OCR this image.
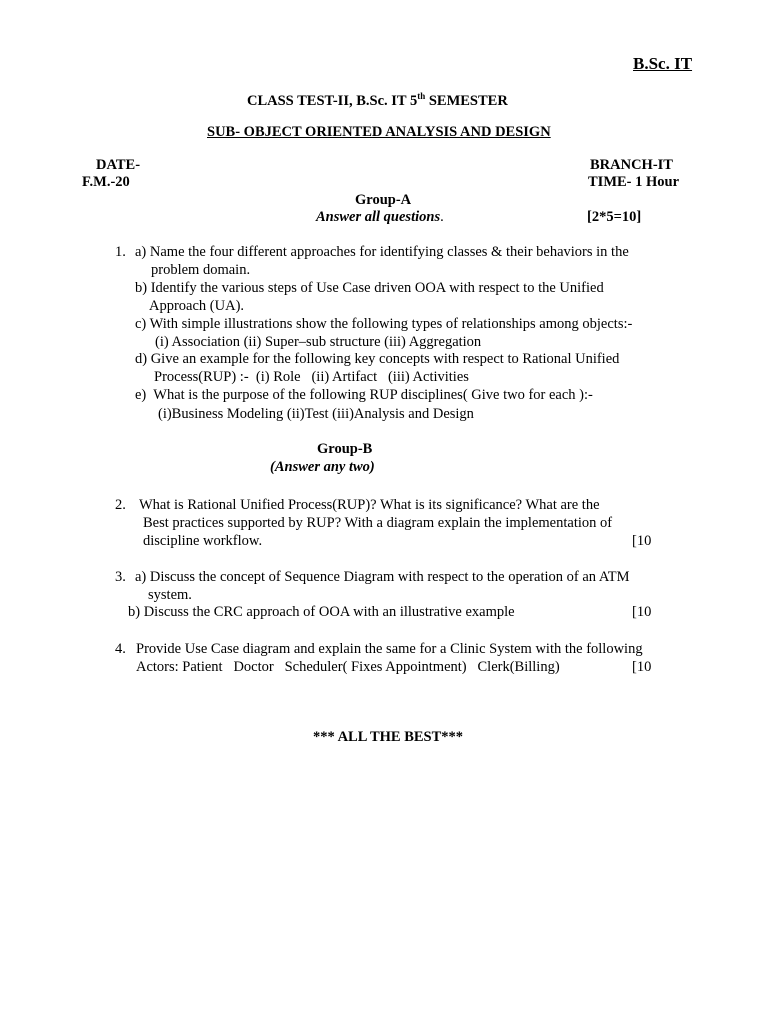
B.Sc. IT
CLASS TEST-II, B.Sc. IT 5th SEMESTER
SUB- OBJECT ORIENTED ANALYSIS AND DESIGN
DATE-
F.M.-20
BRANCH-IT
TIME- 1 Hour
Group-A
Answer all questions.	[2*5=10]
1. a) Name the four different approaches for identifying classes & their behaviors in the
problem domain.
b) Identify the various steps of Use Case driven OOA with respect to the Unified
Approach (UA).
c) With simple illustrations show the following types of relationships among objects:-
(i) Association (ii) Super–sub structure (iii) Aggregation
d) Give an example for the following key concepts with respect to Rational Unified
Process(RUP) :-  (i) Role   (ii) Artifact   (iii) Activities
e)  What is the purpose of the following RUP disciplines( Give two for each ):-
(i)Business Modeling (ii)Test (iii)Analysis and Design
Group-B
(Answer any two)
2. What is Rational Unified Process(RUP)? What is its significance? What are the
Best practices supported by RUP? With a diagram explain the implementation of
discipline workflow.	[10
3. a) Discuss the concept of Sequence Diagram with respect to the operation of an ATM
system.
b) Discuss the CRC approach of OOA with an illustrative example	[10
4. Provide Use Case diagram and explain the same for a Clinic System with the following
Actors: Patient   Doctor   Scheduler( Fixes Appointment)   Clerk(Billing)	[10
*** ALL THE BEST***
